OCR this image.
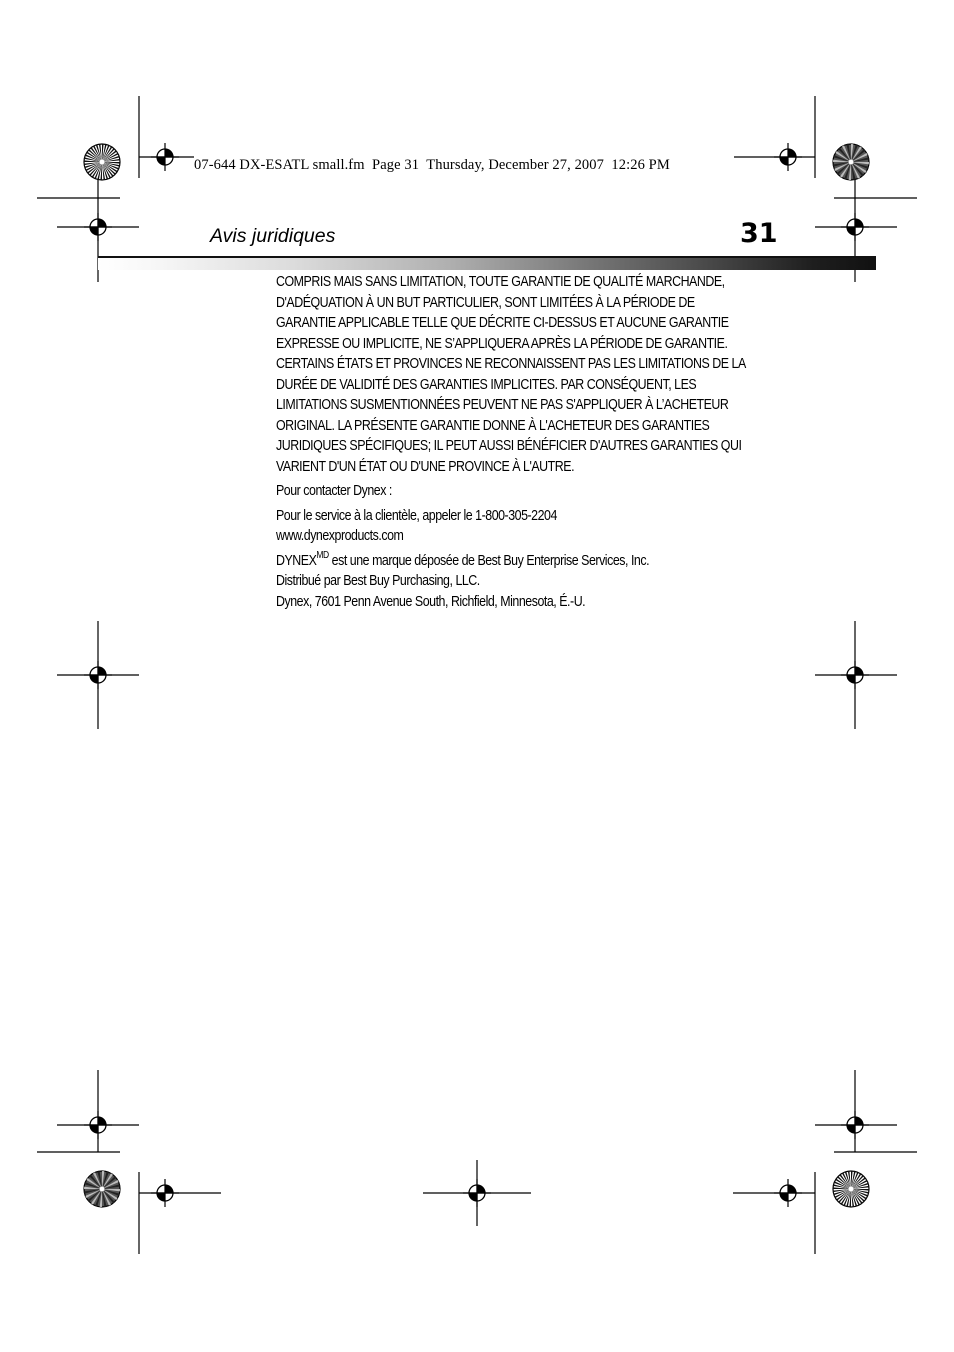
07-644 DX-ESATL small.fm  Page 31  Thursday, December 27, 2007  12:26 PM
Avis juridiques	31

COMPRIS MAIS SANS LIMITATION, TOUTE GARANTIE DE QUALITÉ MARCHANDE,
D'ADÉQUATION À UN BUT PARTICULIER, SONT LIMITÉES À LA PÉRIODE DE
GARANTIE APPLICABLE TELLE QUE DÉCRITE CI-DESSUS ET AUCUNE GARANTIE
EXPRESSE OU IMPLICITE, NE S’APPLIQUERA APRÈS LA PÉRIODE DE GARANTIE.
CERTAINS ÉTATS ET PROVINCES NE RECONNAISSENT PAS LES LIMITATIONS DE LA
DURÉE DE VALIDITÉ DES GARANTIES IMPLICITES. PAR CONSÉQUENT, LES
LIMITATIONS SUSMENTIONNÉES PEUVENT NE PAS S'APPLIQUER À L’ACHETEUR
ORIGINAL. LA PRÉSENTE GARANTIE DONNE À L'ACHETEUR DES GARANTIES
JURIDIQUES SPÉCIFIQUES; IL PEUT AUSSI BÉNÉFICIER D'AUTRES GARANTIES QUI
VARIENT D'UN ÉTAT OU D'UNE PROVINCE À L'AUTRE.

Pour contacter Dynex :

Pour le service à la clientèle, appeler le 1-800-305-2204

www.dynexproducts.com

$DYNEX^{MD}$ est une marque déposée de Best Buy Enterprise Services, Inc.

Distribué par Best Buy Purchasing, LLC.

Dynex, 7601 Penn Avenue South, Richfield, Minnesota, É.-U.
